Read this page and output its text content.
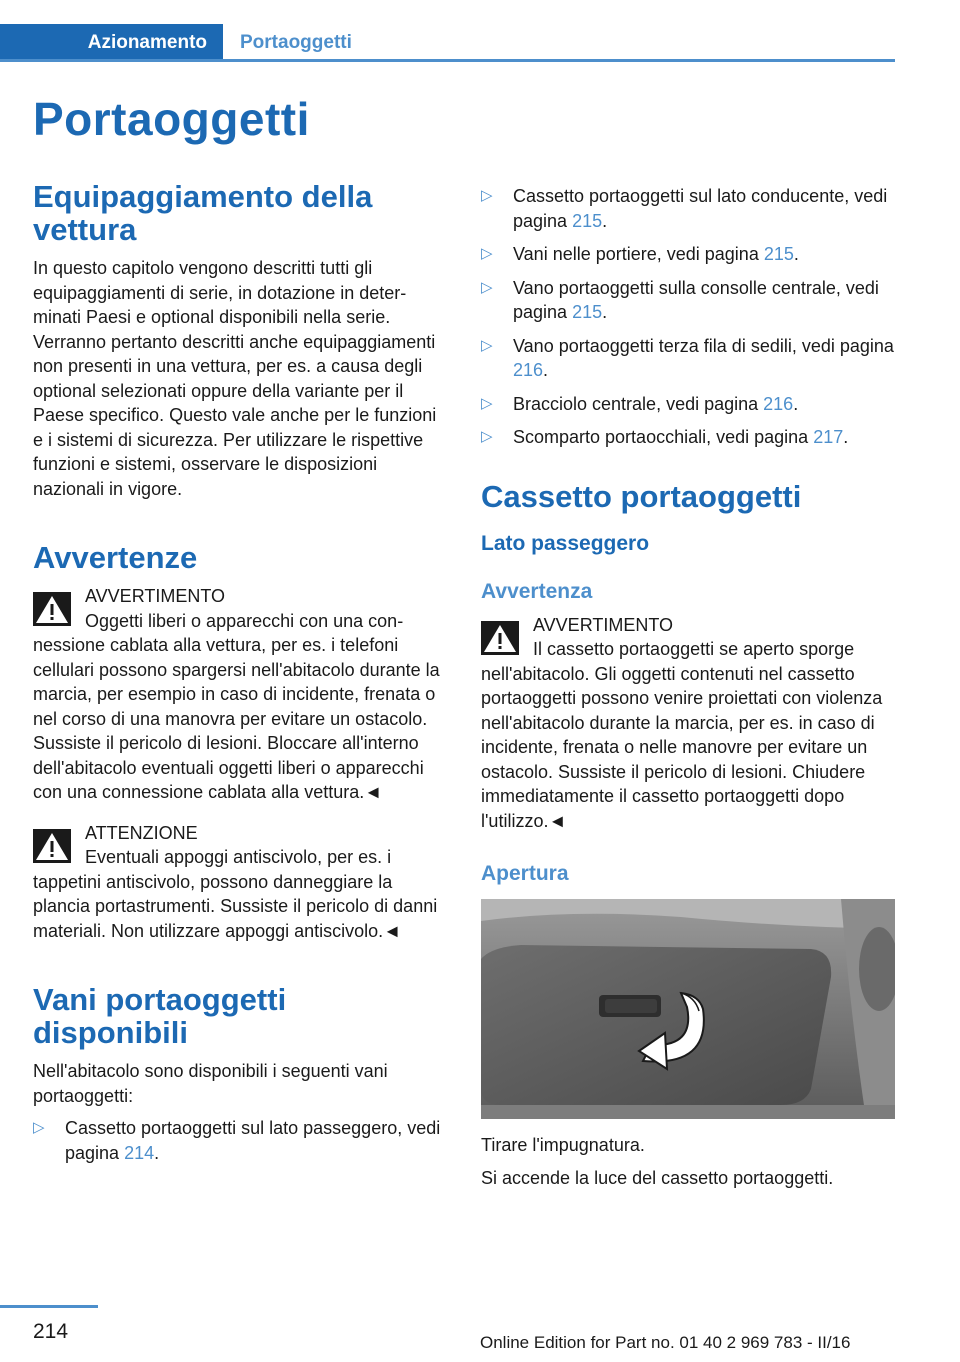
Azionamento	Portaoggetti
Portaoggetti
Equipaggiamento della vettura

In questo capitolo vengono descritti tutti gli equipaggiamenti di serie, in dotazione in determinati Paesi e optional disponibili nella serie. Verranno pertanto descritti anche equipaggiamenti non presenti in una vettura, per es. a causa degli optional selezionati oppure della variante per il Paese specifico. Questo vale anche per le funzioni e i sistemi di sicurezza. Per utilizzare le rispettive funzioni e sistemi, osservare le disposizioni nazionali in vigore.

Avvertenze
AVVERTIMENTO
Oggetti liberi o apparecchi con una connessione cablata alla vettura, per es. i telefoni cellulari possono spargersi nell'abitacolo durante la marcia, per esempio in caso di incidente, frenata o nel corso di una manovra per evitare un ostacolo. Sussiste il pericolo di lesioni. Bloccare all'interno dell'abitacolo eventuali oggetti liberi o apparecchi con una connessione cablata alla vettura.◄
ATTENZIONE
Eventuali appoggi antiscivolo, per es. i tappetini antiscivolo, possono danneggiare la plancia portastrumenti. Sussiste il pericolo di danni materiali. Non utilizzare appoggi antiscivolo.◄
Vani portaoggetti disponibili

Nell'abitacolo sono disponibili i seguenti vani portaoggetti:

▷ Cassetto portaoggetti sul lato passeggero, vedi pagina 214.
▷ Cassetto portaoggetti sul lato conducente, vedi pagina 215.
▷ Vani nelle portiere, vedi pagina 215.
▷ Vano portaoggetti sulla consolle centrale, vedi pagina 215.
▷ Vano portaoggetti terza fila di sedili, vedi pagina 216.
▷ Bracciolo centrale, vedi pagina 216.
▷ Scomparto portaocchiali, vedi pagina 217.
Cassetto portaoggetti
Lato passeggero
Avvertenza
AVVERTIMENTO
Il cassetto portaoggetti se aperto sporge nell'abitacolo. Gli oggetti contenuti nel cassetto portaoggetti possono venire proiettati con violenza nell'abitacolo durante la marcia, per es. in caso di incidente, frenata o nelle manovre per evitare un ostacolo. Sussiste il pericolo di lesioni. Chiudere immediatamente il cassetto portaoggetti dopo l'utilizzo.◄
Apertura

Tirare l'impugnatura.

Si accende la luce del cassetto portaoggetti.

214	Online Edition for Part no. 01 40 2 969 783 - II/16
